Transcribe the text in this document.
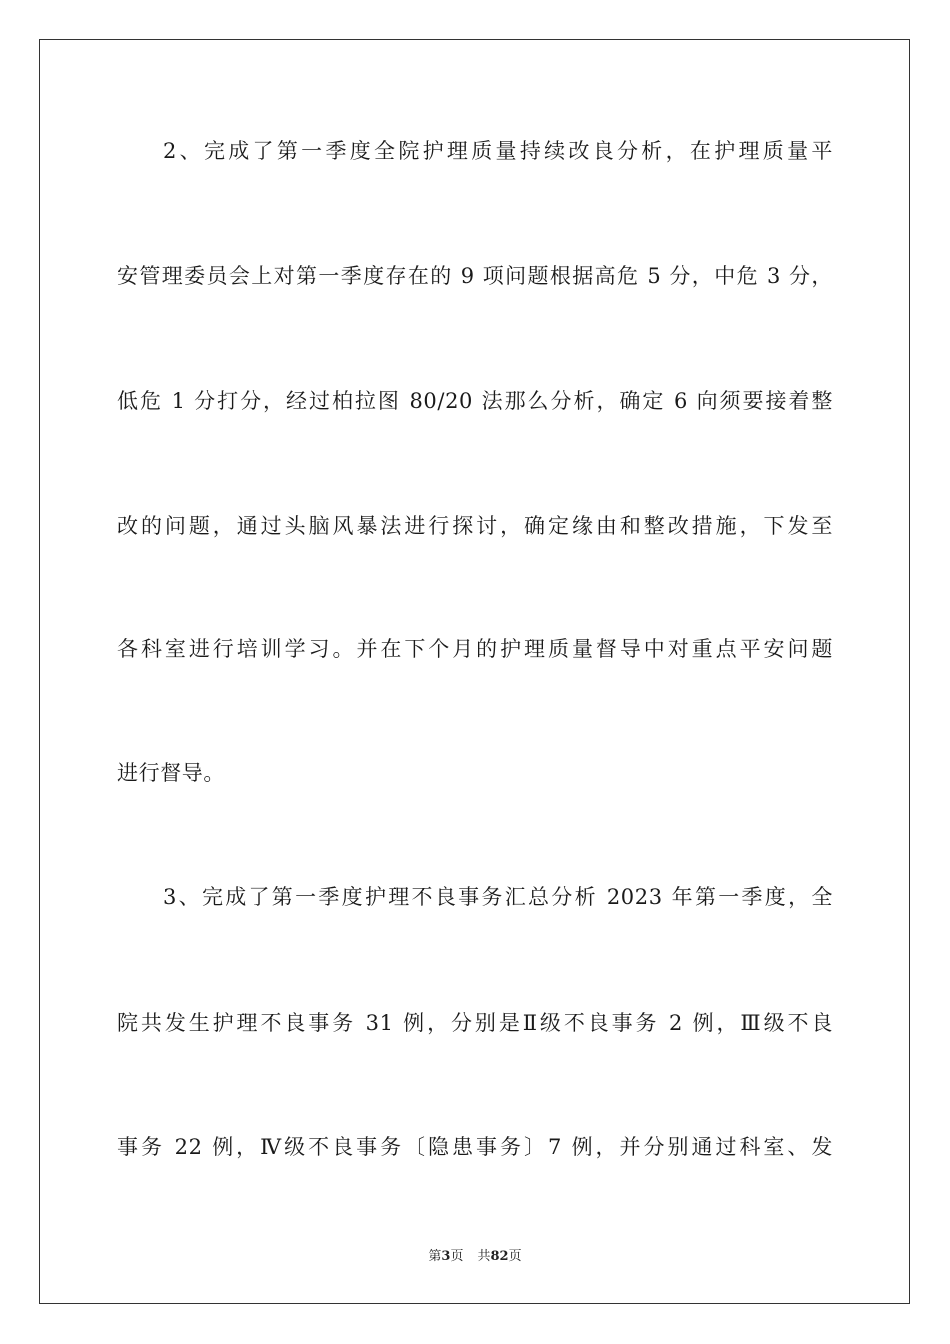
2、完成了第一季度全院护理质量持续改良分析，在护理质量平
安管理委员会上对第一季度存在的 9 项问题根据高危 5 分，中危 3 分，
低危 1 分打分，经过柏拉图 80/20 法那么分析，确定 6 向须要接着整
改的问题，通过头脑风暴法进行探讨，确定缘由和整改措施，下发至
各科室进行培训学习。并在下个月的护理质量督导中对重点平安问题
进行督导。
3、完成了第一季度护理不良事务汇总分析 2023 年第一季度，全
院共发生护理不良事务 31 例，分别是Ⅱ级不良事务 2 例，Ⅲ级不良
事务 22 例，Ⅳ级不良事务〔隐患事务〕7 例，并分别通过科室、发
第3页 共82页
